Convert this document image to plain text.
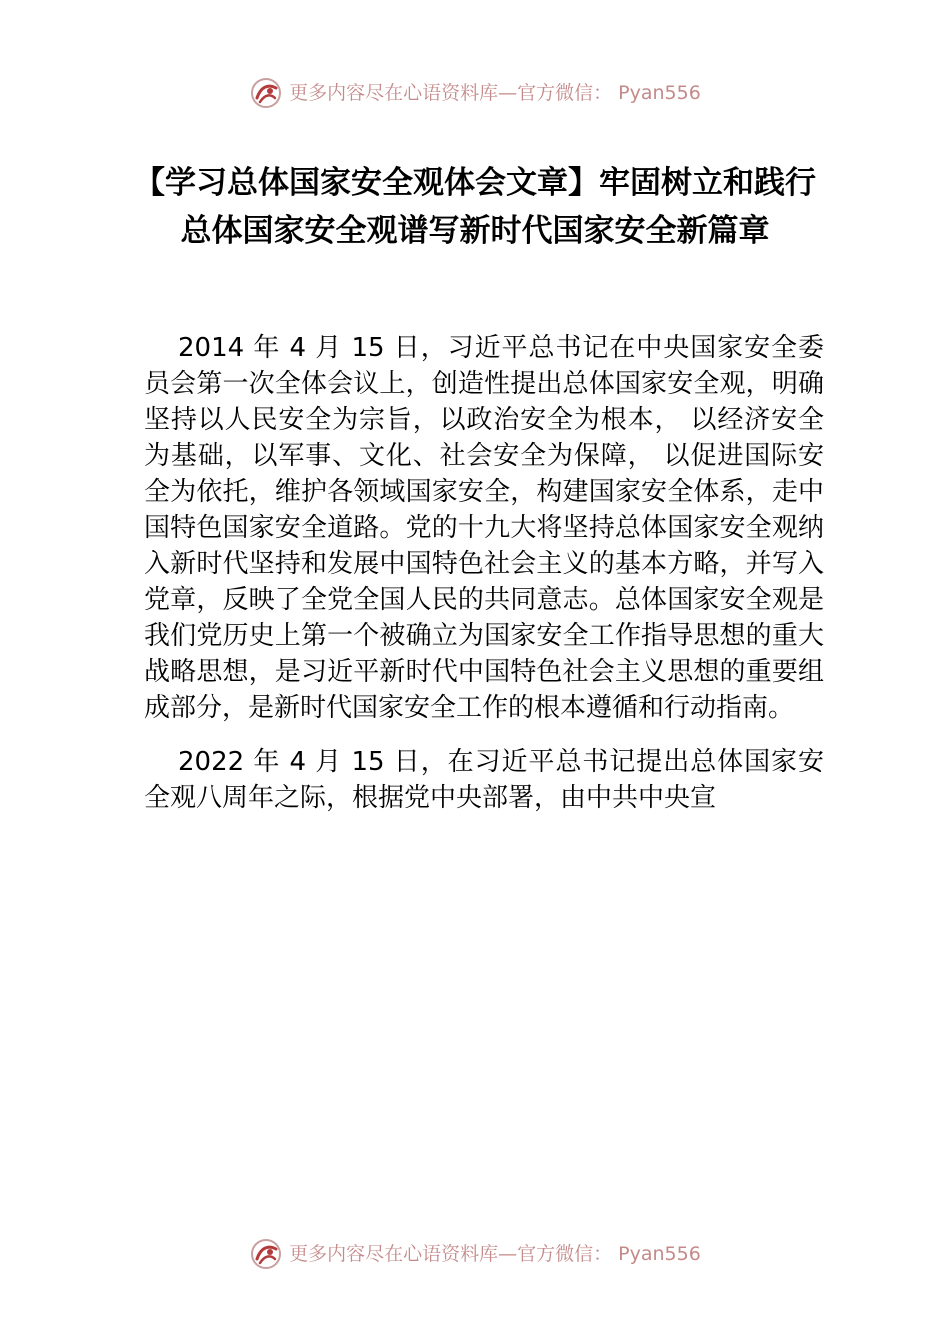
更多内容尽在心语资料库—官方微信： Pyan556
【学习总体国家安全观体会文章】牢固树立和践行总体国家安全观谱写新时代国家安全新篇章

2014 年 4 月 15 日，习近平总书记在中央国家安全委员会第一次全体会议上，创造性提出总体国家安全观，明确坚持以人民安全为宗旨，以政治安全为根本， 以经济安全为基础，以军事、文化、社会安全为保障， 以促进国际安全为依托，维护各领域国家安全，构建国家安全体系，走中国特色国家安全道路。党的十九大将坚持总体国家安全观纳入新时代坚持和发展中国特色社会主义的基本方略，并写入党章，反映了全党全国人民的共同意志。总体国家安全观是我们党历史上第一个被确立为国家安全工作指导思想的重大战略思想，是习近平新时代中国特色社会主义思想的重要组成部分，是新时代国家安全工作的根本遵循和行动指南。

2022 年 4 月 15 日，在习近平总书记提出总体国家安全观八周年之际，根据党中央部署，由中共中央宣

更多内容尽在心语资料库—官方微信： Pyan556
